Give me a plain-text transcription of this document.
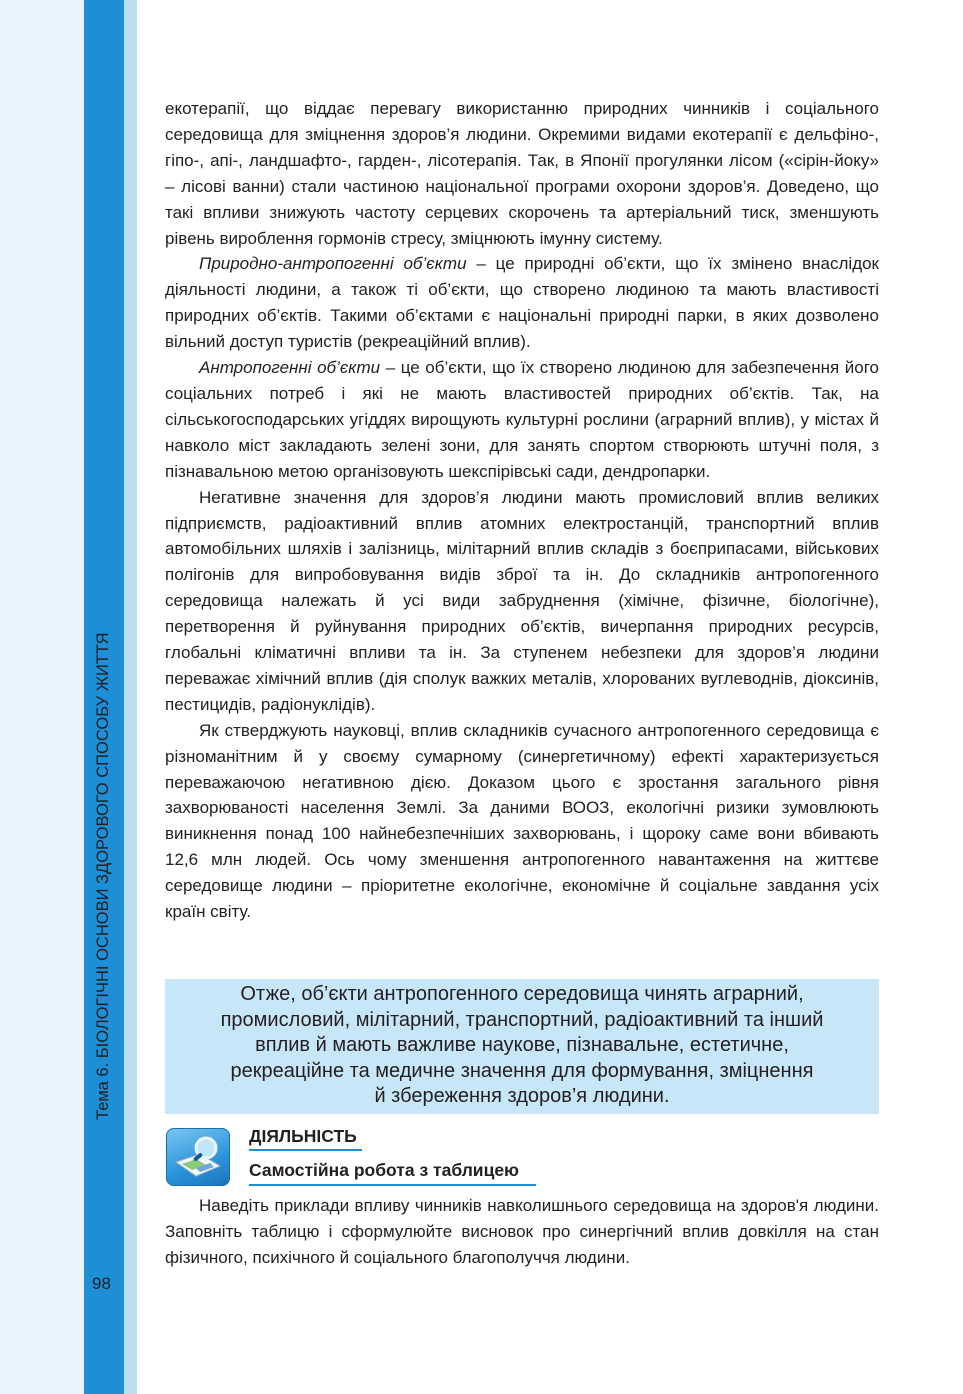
Тема 6. БІОЛОГІЧНІ ОСНОВИ ЗДОРОВОГО СПОСОБУ ЖИТТЯ
98

екотерапії, що віддає перевагу використанню природних чинників і соціального середовища для зміцнення здоров’я людини. Окремими видами екотерапії є дельфіно-, гіпо-, апі-, ландшафто-, гарден-, лісотерапія. Так, в Японії прогулянки лісом («сірін-йоку» – лісові ванни) стали частиною національної програми охорони здоров’я. Доведено, що такі впливи знижують частоту серцевих скорочень та артеріальний тиск, зменшують рівень вироблення гормонів стресу, зміцнюють імунну систему.

Природно-антропогенні об’єкти – це природні об’єкти, що їх змінено внаслідок діяльності людини, а також ті об’єкти, що створено людиною та мають властивості природних об’єктів. Такими об’єктами є національні природні парки, в яких дозволено вільний доступ туристів (рекреаційний вплив).

Антропогенні об’єкти – це об’єкти, що їх створено людиною для забезпечення його соціальних потреб і які не мають властивостей природних об’єктів. Так, на сільськогосподарських угіддях вирощують культурні рослини (аграрний вплив), у містах й навколо міст закладають зелені зони, для занять спортом створюють штучні поля, з пізнавальною метою організовують шекспірівські сади, дендропарки.

Негативне значення для здоров’я людини мають промисловий вплив великих підприємств, радіоактивний вплив атомних електростанцій, транспортний вплив автомобільних шляхів і залізниць, мілітарний вплив складів з боєприпасами, військових полігонів для випробовування видів зброї та ін. До складників антропогенного середовища належать й усі види забруднення (хімічне, фізичне, біологічне), перетворення й руйнування природних об’єктів, вичерпання природних ресурсів, глобальні кліматичні впливи та ін. За ступенем небезпеки для здоров’я людини переважає хімічний вплив (дія сполук важких металів, хлорованих вуглеводнів, діоксинів, пестицидів, радіонуклідів).

Як стверджують науковці, вплив складників сучасного антропогенного середовища є різноманітним й у своєму сумарному (синергетичному) ефекті характеризується переважаючою негативною дією. Доказом цього є зростання загального рівня захворюваності населення Землі. За даними ВООЗ, екологічні ризики зумовлюють виникнення понад 100 найнебезпечніших захворювань, і щороку саме вони вбивають 12,6 млн людей. Ось чому зменшення антропогенного навантаження на життєве середовище людини – пріоритетне екологічне, економічне й соціальне завдання усіх країн світу.

Отже, об’єкти антропогенного середовища чинять аграрний,
промисловий, мілітарний, транспортний, радіоактивний та інший
вплив й мають важливе наукове, пізнавальне, естетичне,
рекреаційне та медичне значення для формування, зміцнення
й збереження здоров’я людини.
ДІЯЛЬНІСТЬ
Самостійна робота з таблицею

Наведіть приклади впливу чинників навколишнього середовища на здоров'я людини. Заповніть таблицю і сформулюйте висновок про синергічний вплив довкілля на стан фізичного, психічного й соціального благополуччя людини.
